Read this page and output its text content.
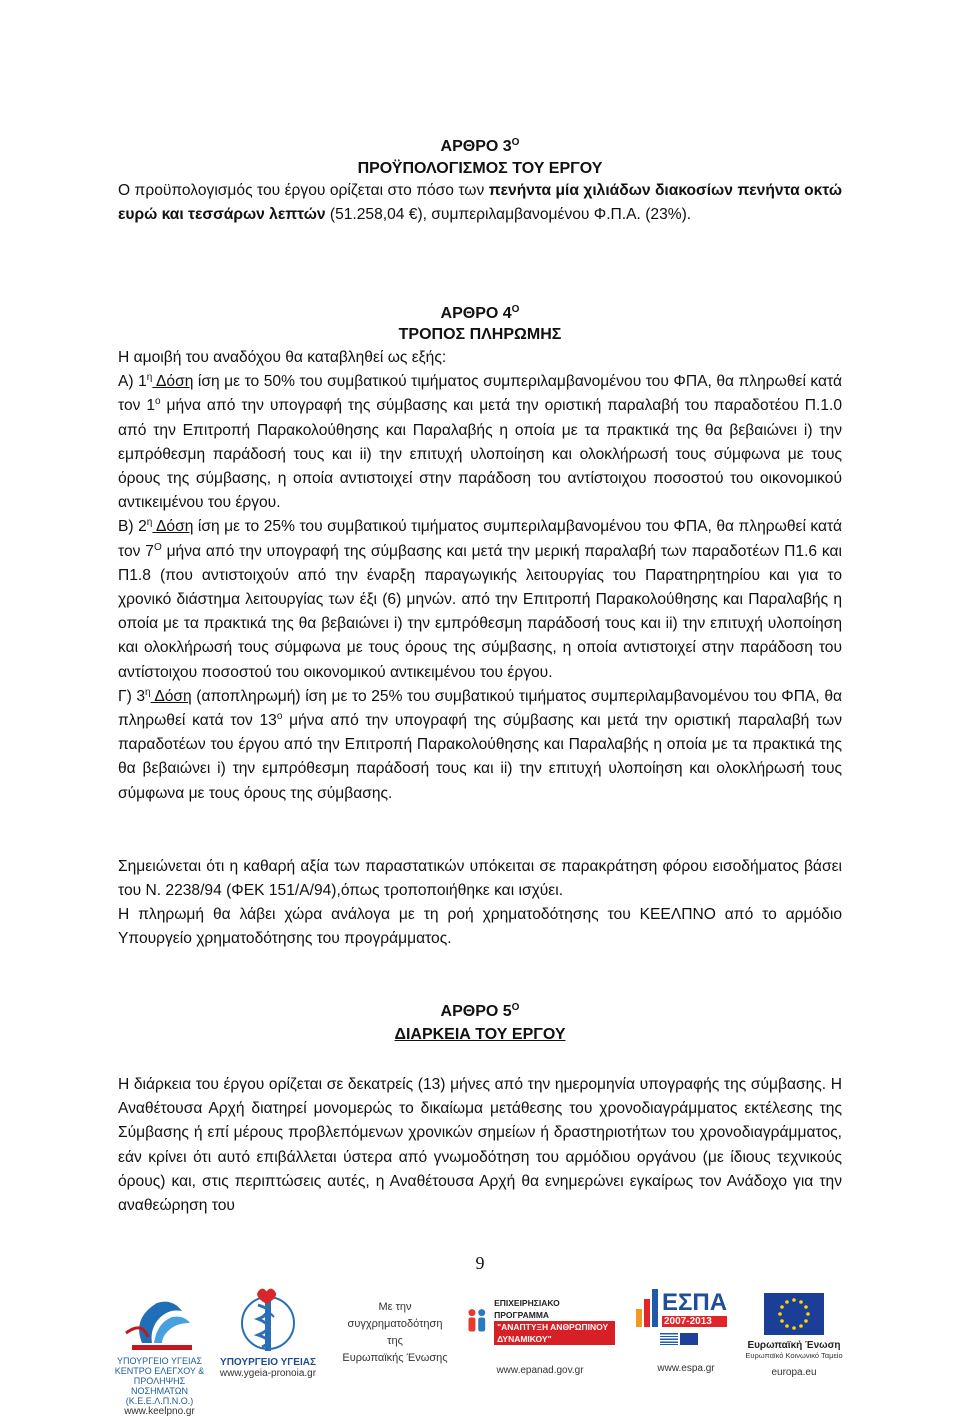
ΑΡΘΡΟ $3^O$
ΠΡΟΫΠΟΛΟΓΙΣΜΟΣ ΤΟΥ ΕΡΓΟΥ

Ο προϋπολογισμός του έργου ορίζεται στο πόσο των πενήντα μία χιλιάδων διακοσίων πενήντα οκτώ ευρώ και τεσσάρων λεπτών (51.258,04 €), συμπεριλαμβανομένου Φ.Π.Α. (23%).

ΑΡΘΡΟ $4^O$
ΤΡΟΠΟΣ ΠΛΗΡΩΜΗΣ

Η αμοιβή του αναδόχου θα καταβληθεί ως εξής:

Α) $1^\eta$ Δόση ίση με το 50% του συμβατικού τιμήματος συμπεριλαμβανομένου του ΦΠΑ, θα πληρωθεί κατά τον $1^o$ μήνα από την υπογραφή της σύμβασης και μετά την οριστική παραλαβή του παραδοτέου Π.1.0 από την Επιτροπή Παρακολούθησης και Παραλαβής η οποία με τα πρακτικά της θα βεβαιώνει i) την εμπρόθεσμη παράδοσή τους και ii) την επιτυχή υλοποίηση και ολοκλήρωσή τους σύμφωνα με τους όρους της σύμβασης, η οποία αντιστοιχεί στην παράδοση του αντίστοιχου ποσοστού του οικονομικού αντικειμένου του έργου.

Β) $2^\eta$ Δόση ίση με το 25% του συμβατικού τιμήματος συμπεριλαμβανομένου του ΦΠΑ, θα πληρωθεί κατά τον $7^O$ μήνα από την υπογραφή της σύμβασης και μετά την μερική παραλαβή των παραδοτέων Π1.6 και Π1.8 (που αντιστοιχούν από την έναρξη παραγωγικής λειτουργίας του Παρατηρητηρίου και για το χρονικό διάστημα λειτουργίας των έξι (6) μηνών. από την Επιτροπή Παρακολούθησης και Παραλαβής η οποία με τα πρακτικά της θα βεβαιώνει i) την εμπρόθεσμη παράδοσή τους και ii) την επιτυχή υλοποίηση και ολοκλήρωσή τους σύμφωνα με τους όρους της σύμβασης, η οποία αντιστοιχεί στην παράδοση του αντίστοιχου ποσοστού του οικονομικού αντικειμένου του έργου.

Γ) $3^\eta$ Δόση (αποπληρωμή) ίση με το 25% του συμβατικού τιμήματος συμπεριλαμβανομένου του ΦΠΑ, θα πληρωθεί κατά τον $13^o$ μήνα από την υπογραφή της σύμβασης και μετά την οριστική παραλαβή των παραδοτέων του έργου από την Επιτροπή Παρακολούθησης και Παραλαβής η οποία με τα πρακτικά της θα βεβαιώνει i) την εμπρόθεσμη παράδοσή τους και ii) την επιτυχή υλοποίηση και ολοκλήρωσή τους σύμφωνα με τους όρους της σύμβασης.

Σημειώνεται ότι η καθαρή αξία των παραστατικών υπόκειται σε παρακράτηση φόρου εισοδήματος βάσει του Ν. 2238/94 (ΦΕΚ 151/Α/94),όπως τροποποιήθηκε και ισχύει.

Η πληρωμή θα λάβει χώρα ανάλογα με τη ροή χρηματοδότησης του ΚΕΕΛΠΝΟ από το αρμόδιο Υπουργείο χρηματοδότησης του προγράμματος.

ΑΡΘΡΟ $5^O$
ΔΙΑΡΚΕΙΑ ΤΟΥ ΕΡΓΟΥ

Η διάρκεια του έργου ορίζεται σε δεκατρείς (13) μήνες από την ημερομηνία υπογραφής της σύμβασης. Η Αναθέτουσα Αρχή διατηρεί μονομερώς το δικαίωμα μετάθεσης του χρονοδιαγράμματος εκτέλεσης της Σύμβασης ή επί μέρους προβλεπόμενων χρονικών σημείων ή δραστηριοτήτων του χρονοδιαγράμματος, εάν κρίνει ότι αυτό επιβάλλεται ύστερα από γνωμοδότηση του αρμόδιου οργάνου (με ίδιους τεχνικούς όρους) και, στις περιπτώσεις αυτές, η Αναθέτουσα Αρχή θα ενημερώνει εγκαίρως τον Ανάδοχο για την αναθεώρηση του

9
ΥΠΟΥΡΓΕΙΟ ΥΓΕΙΑΣ ΚΕΝΤΡΟ ΕΛΕΓΧΟΥ & ΠΡΟΛΗΨΗΣ ΝΟΣΗΜΑΤΩΝ (Κ.Ε.Ε.Λ.Π.Ν.Ο.)
www.keelpno.gr
ΥΠΟΥΡΓΕΙΟ ΥΓΕΙΑΣ
www.ygeia-pronoia.gr
Με την
συγχρηματοδότηση της
Ευρωπαϊκής Ένωσης
ΕΠΙΧΕΙΡΗΣΙΑΚΟ ΠΡΟΓΡΑΜΜΑ
"ΑΝΑΠΤΥΞΗ ΑΝΘΡΩΠΙΝΟΥ ΔΥΝΑΜΙΚΟΥ"
www.epanad.gov.gr
ΕΣΠΑ
2007-2013
www.espa.gr
Ευρωπαϊκή Ένωση
Ευρωπαϊκό Κοινωνικό Ταμείο
europa.eu
